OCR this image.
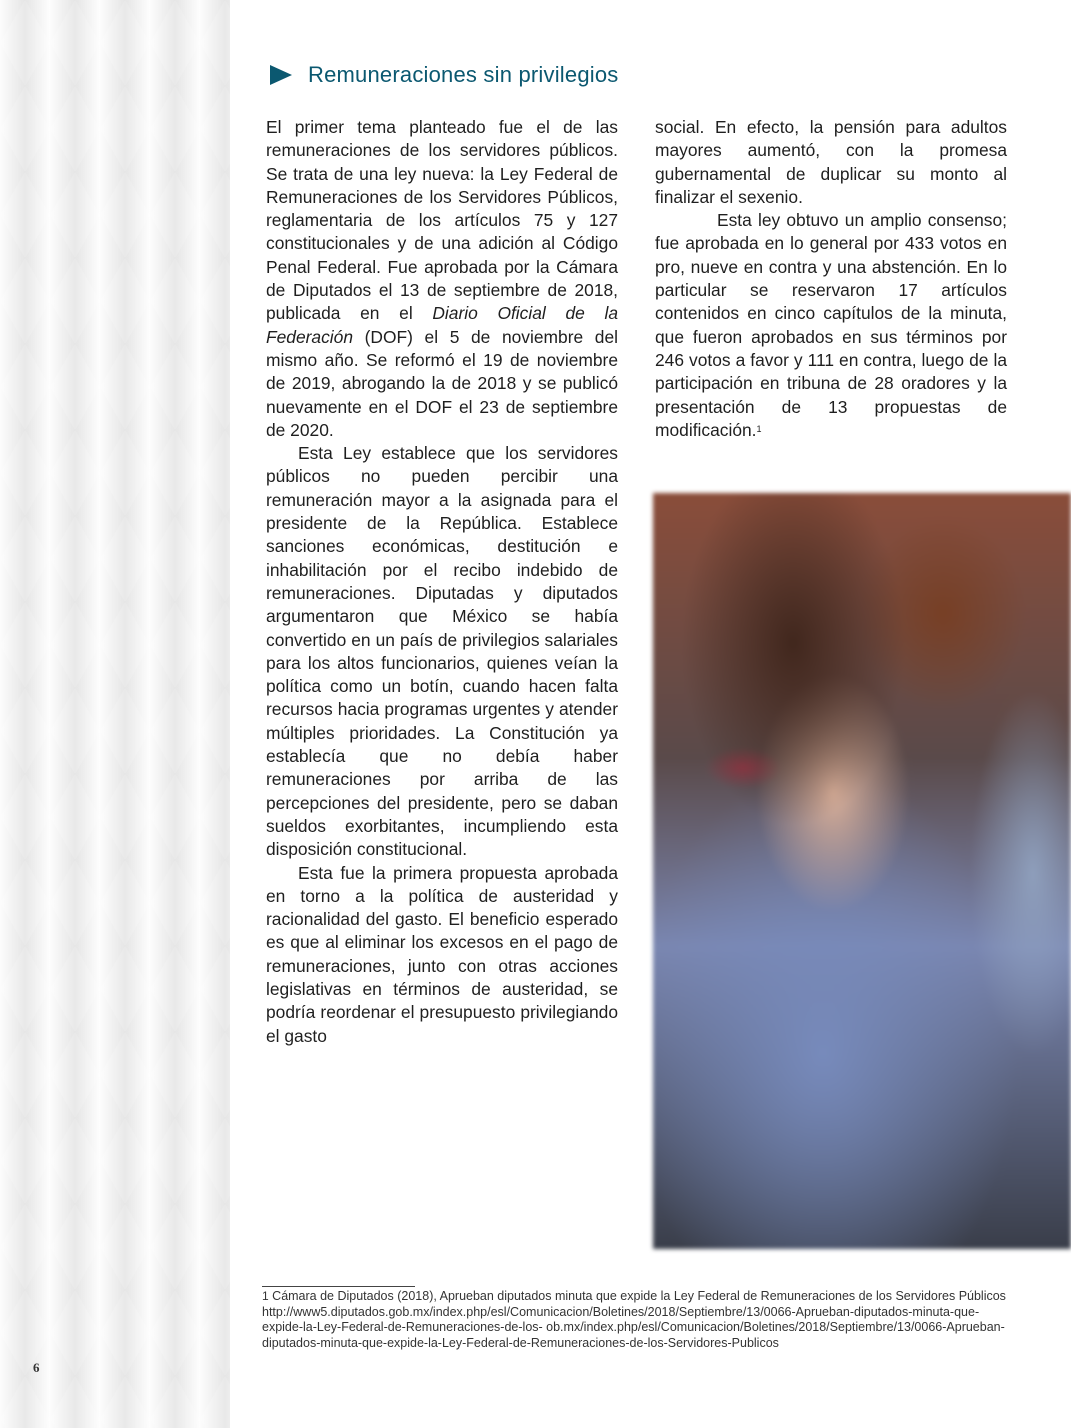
Remuneraciones sin privilegios

El primer tema planteado fue el de las remuneraciones de los servidores públicos. Se trata de una ley nueva: la Ley Federal de Remuneraciones de los Servidores Públicos, reglamentaria de los artículos 75 y 127 constitucionales y de una adición al Código Penal Federal. Fue aprobada por la Cámara de Diputados el 13 de septiembre de 2018, publicada en el Diario Oficial de la Federación (DOF) el 5 de noviembre del mismo año. Se reformó el 19 de noviembre de 2019, abrogando la de 2018 y se publicó nuevamente en el DOF el 23 de septiembre de 2020.

Esta Ley establece que los servidores públicos no pueden percibir una remuneración mayor a la asignada para el presidente de la República. Establece sanciones económicas, destitución e inhabilitación por el recibo indebido de remuneraciones. Diputadas y diputados argumentaron que México se había convertido en un país de privilegios salariales para los altos funcionarios, quienes veían la política como un botín, cuando hacen falta recursos hacia programas urgentes y atender múltiples prioridades. La Constitución ya establecía que no debía haber remuneraciones por arriba de las percepciones del presidente, pero se daban sueldos exorbitantes, incumpliendo esta disposición constitucional.

Esta fue la primera propuesta aprobada en torno a la política de austeridad y racionalidad del gasto. El beneficio esperado es que al eliminar los excesos en el pago de remuneraciones, junto con otras acciones legislativas en términos de austeridad, se podría reordenar el presupuesto privilegiando el gasto

social. En efecto, la pensión para adultos mayores aumentó, con la promesa gubernamental de duplicar su monto al finalizar el sexenio.

Esta ley obtuvo un amplio consenso; fue aprobada en lo general por 433 votos en pro, nueve en contra y una abstención. En lo particular se reservaron 17 artículos contenidos en cinco capítulos de la minuta, que fueron aprobados en sus términos por 246 votos a favor y 111 en contra, luego de la participación en tribuna de 28 oradores y la presentación de 13 propuestas de modificación.$^1$

1 Cámara de Diputados (2018), Aprueban diputados minuta que expide la Ley Federal de Remuneraciones de los Servidores Públicos http://www5.diputados.gob.mx/index.php/esl/Comunicacion/Boletines/2018/Septiembre/13/0066-Aprueban-diputados-minuta-que-expide-la-Ley-Federal-de-Remuneraciones-de-los- ob.mx/index.php/esl/Comunicacion/Boletines/2018/Septiembre/13/0066-Aprueban-diputados-minuta-que-expide-la-Ley-Federal-de-Remuneraciones-de-los-Servidores-Publicos

6
